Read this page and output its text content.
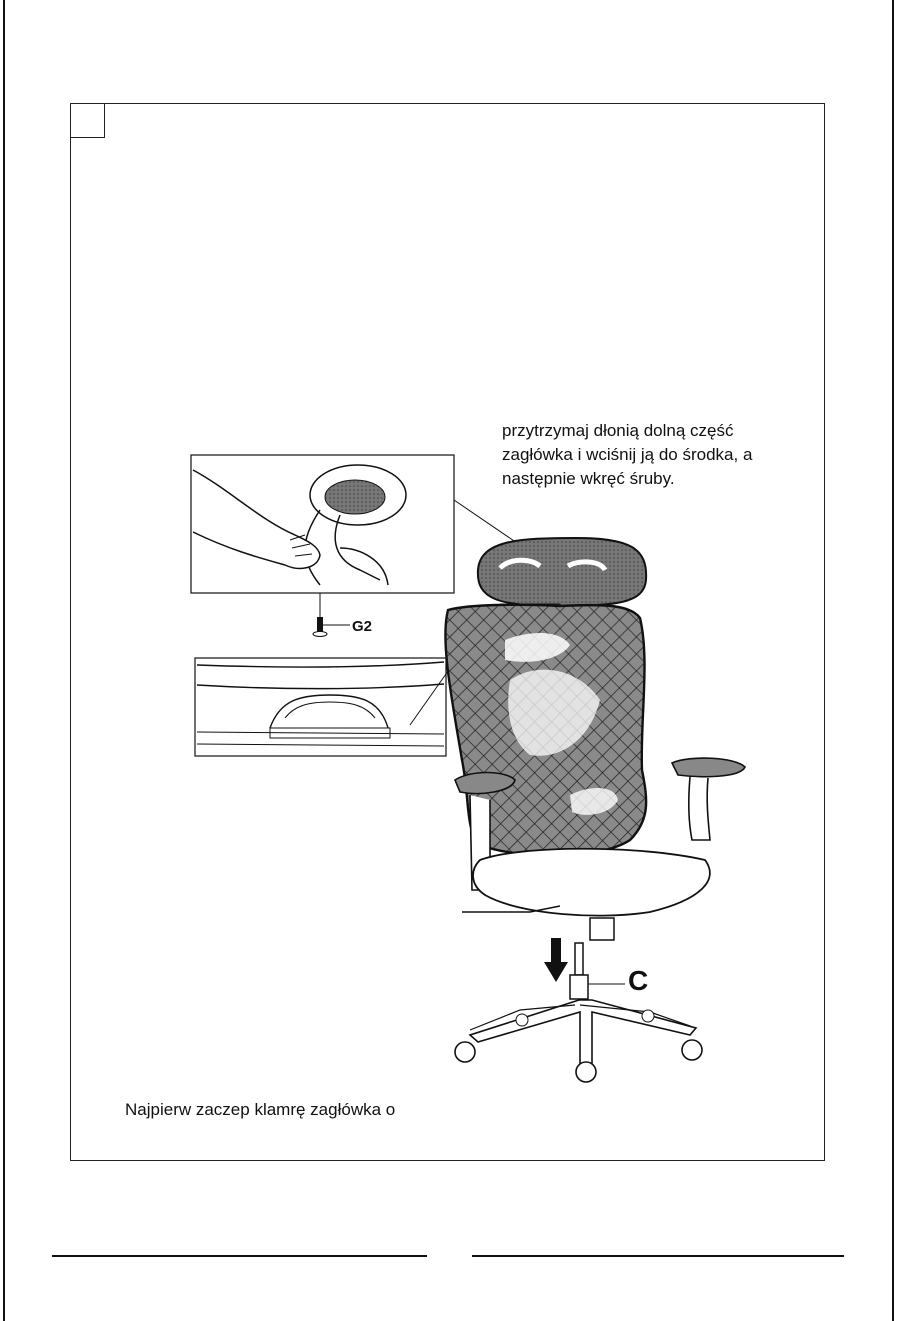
przytrzymaj dłonią dolną część
zagłówka i wciśnij ją do środka, a
następnie wkręć śruby.
Najpierw zaczep klamrę zagłówka o
G2
C
